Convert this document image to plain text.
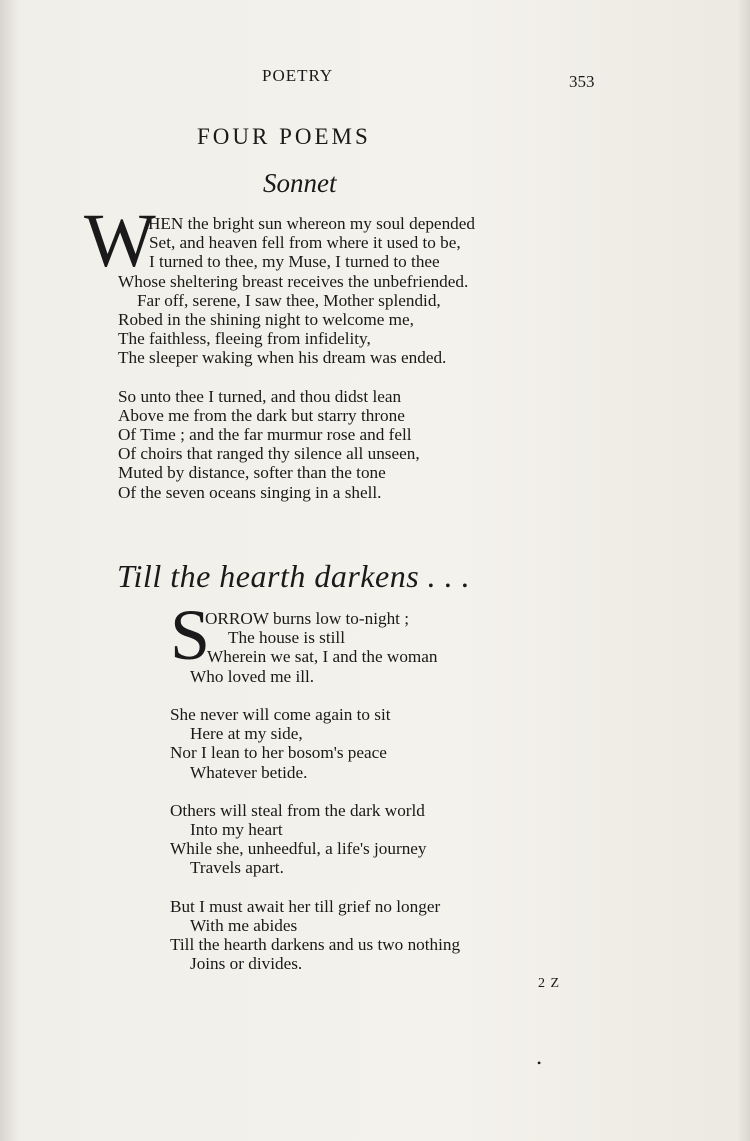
POETRY	353
FOUR POEMS
Sonnet
W
HEN the bright sun whereon my soul depended
Set, and heaven fell from where it used to be,
I turned to thee, my Muse, I turned to thee
Whose sheltering breast receives the unbefriended.
Far off, serene, I saw thee, Mother splendid,
Robed in the shining night to welcome me,
The faithless, fleeing from infidelity,
The sleeper waking when his dream was ended.
So unto thee I turned, and thou didst lean
Above me from the dark but starry throne
Of Time ; and the far murmur rose and fell
Of choirs that ranged thy silence all unseen,
Muted by distance, softer than the tone
Of the seven oceans singing in a shell.
Till the hearth darkens . . .
S
ORROW burns low to-night ;
The house is still
Wherein we sat, I and the woman
Who loved me ill.
She never will come again to sit
Here at my side,
Nor I lean to her bosom's peace
Whatever betide.
Others will steal from the dark world
Into my heart
While she, unheedful, a life's journey
Travels apart.
But I must await her till grief no longer
With me abides
Till the hearth darkens and us two nothing
Joins or divides.
2 Z
•
